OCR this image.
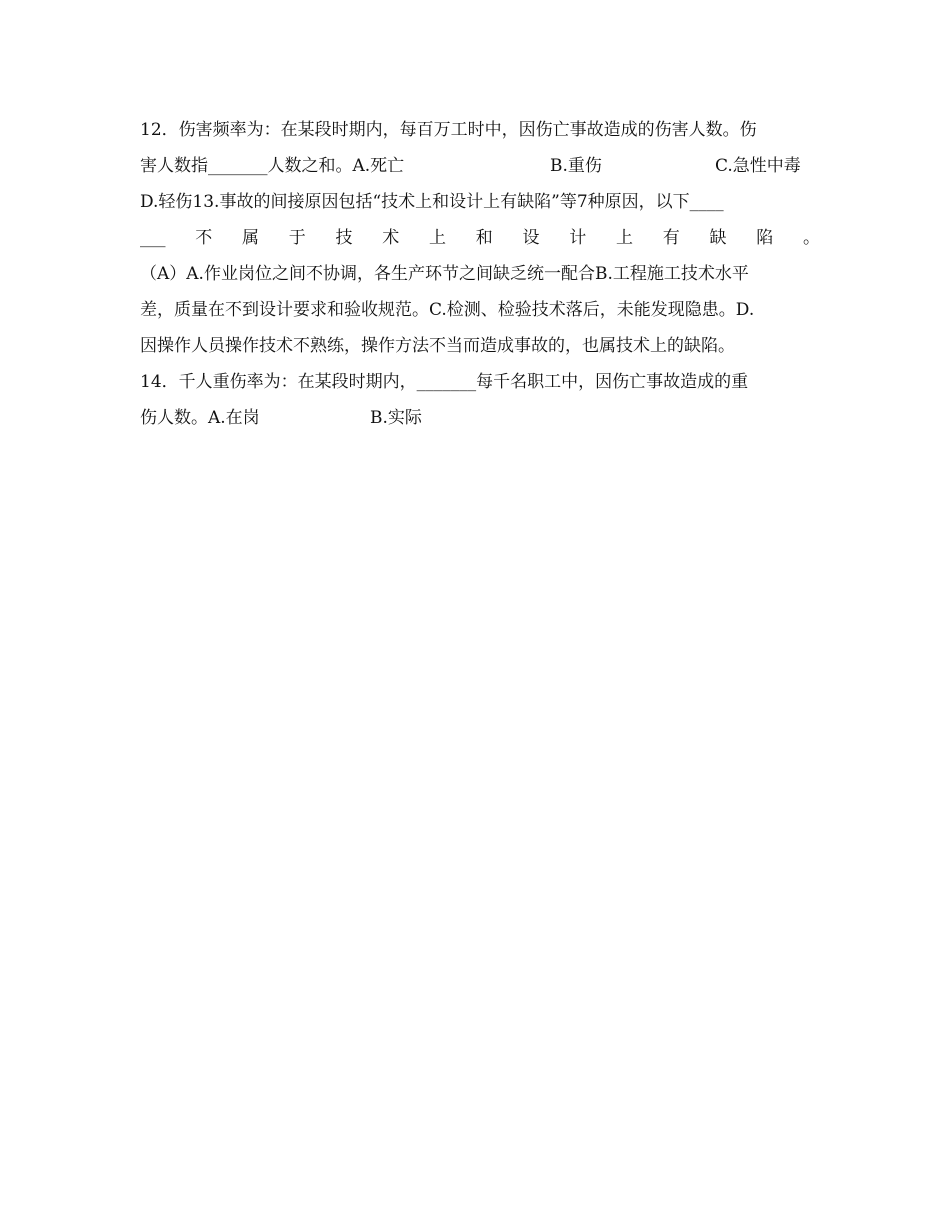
12．伤害频率为：在某段时期内，每百万工时中，因伤亡事故造成的伤害人数。伤
害人数指_______人数之和。A.死亡	B.重伤	C.急性中毒
D.轻伤13.事故的间接原因包括“技术上和设计上有缺陷”等7种原因，以下____
___ 不 属 于 技 术 上 和 设 计 上 有 缺 陷 。
（A）A.作业岗位之间不协调，各生产环节之间缺乏统一配合B.工程施工技术水平
差，质量在不到设计要求和验收规范。C.检测、检验技术落后，未能发现隐患。D.
因操作人员操作技术不熟练，操作方法不当而造成事故的，也属技术上的缺陷。
14．千人重伤率为：在某段时期内，_______每千名职工中，因伤亡事故造成的重
伤人数。A.在岗	B.实际
